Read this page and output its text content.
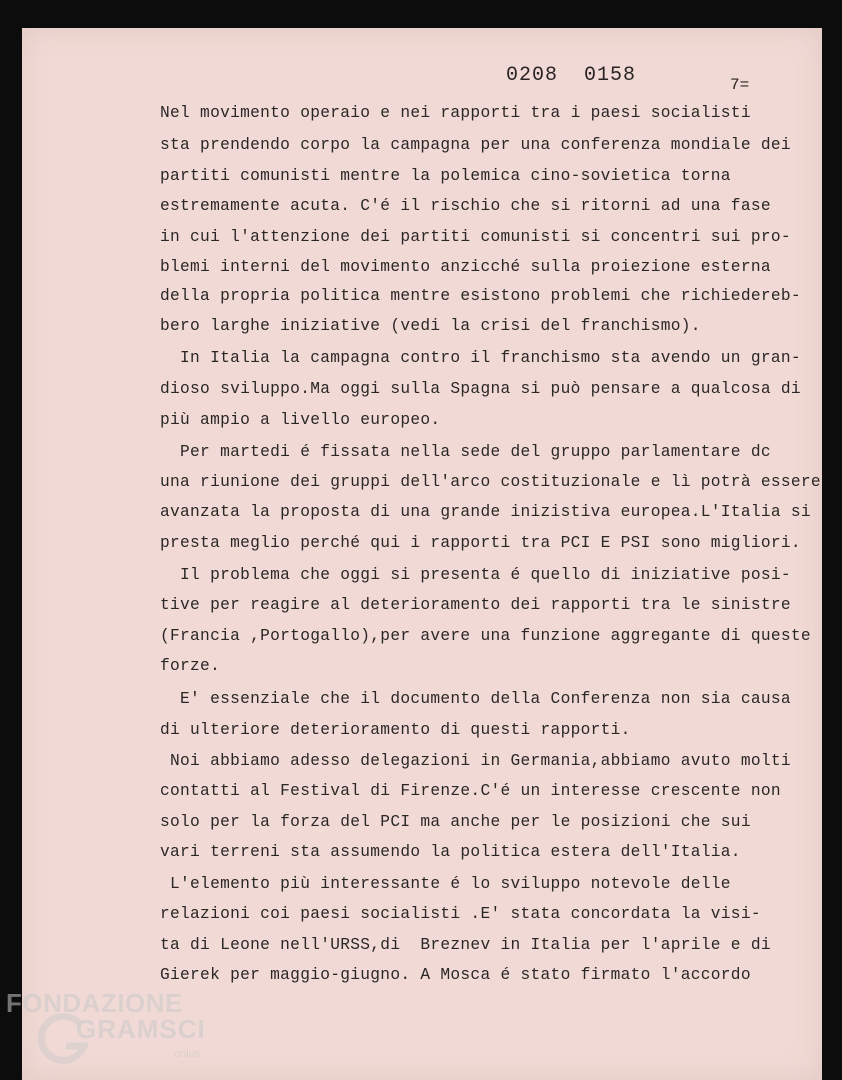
0208  0158	7=
Nel movimento operaio e nei rapporti tra i paesi socialisti
sta prendendo corpo la campagna per una conferenza mondiale dei
partiti comunisti mentre la polemica cino-sovietica torna
estremamente acuta. C'é il rischio che si ritorni ad una fase
in cui l'attenzione dei partiti comunisti si concentri sui pro-
blemi interni del movimento anzicché sulla proiezione esterna
della propria politica mentre esistono problemi che richiedereb-
bero larghe iniziative (vedi la crisi del franchismo).
In Italia la campagna contro il franchismo sta avendo un gran-
dioso sviluppo.Ma oggi sulla Spagna si può pensare a qualcosa di
più ampio a livello europeo.
Per martedi é fissata nella sede del gruppo parlamentare dc
una riunione dei gruppi dell'arco costituzionale e lì potrà essere
avanzata la proposta di una grande inizistiva europea.L'Italia si
presta meglio perché qui i rapporti tra PCI E PSI sono migliori.
Il problema che oggi si presenta é quello di iniziative posi-
tive per reagire al deterioramento dei rapporti tra le sinistre
(Francia ,Portogallo),per avere una funzione aggregante di queste
forze.
E' essenziale che il documento della Conferenza non sia causa
di ulteriore deterioramento di questi rapporti.
Noi abbiamo adesso delegazioni in Germania,abbiamo avuto molti
contatti al Festival di Firenze.C'é un interesse crescente non
solo per la forza del PCI ma anche per le posizioni che sui
vari terreni sta assumendo la politica estera dell'Italia.
L'elemento più interessante é lo sviluppo notevole delle
relazioni coi paesi socialisti .E' stata concordata la visi-
ta di Leone nell'URSS,di  Breznev in Italia per l'aprile e di
Gierek per maggio-giugno. A Mosca é stato firmato l'accordo
FONDAZIONE
GRAMSCI
onlus
